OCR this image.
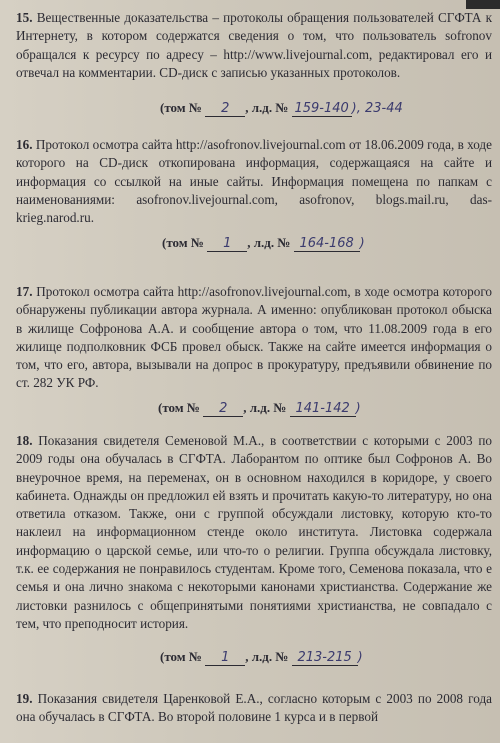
15. Вещественные доказательства – протоколы обращения пользователей СГФТА к Интернету, в котором содержатся сведения о том, что пользователь sofronov обращался к ресурсу по адресу – http://www.livejournal.com, редактировал его и отвечал на комментарии. CD-диск с записью указанных протоколов.
(том № 2 , л.д. № 159-140 ), 23-44
16. Протокол осмотра сайта http://asofronov.livejournal.com от 18.06.2009 года, в ходе которого на CD-диск откопирована информация, содержащаяся на сайте и информация со ссылкой на иные сайты. Информация помещена по папкам с наименованиями: asofronov.livejournal.com, asofronov, blogs.mail.ru, das-krieg.narod.ru.
(том № 1 , л.д. № 164-168 )
17. Протокол осмотра сайта http://asofronov.livejournal.com, в ходе осмотра которого обнаружены публикации автора журнала. А именно: опубликован протокол обыска в жилище Софронова А.А. и сообщение автора о том, что 11.08.2009 года в его жилище подполковник ФСБ провел обыск. Также на сайте имеется информация о том, что его, автора, вызывали на допрос в прокуратуру, предъявили обвинение по ст. 282 УК РФ.
(том № 2 , л.д. № 141-142 )
18. Показания свидетеля Семеновой М.А., в соответствии с которыми с 2003 по 2009 годы она обучалась в СГФТА. Лаборантом по оптике был Софронов А. Во внеурочное время, на переменах, он в основном находился в коридоре, у своего кабинета. Однажды он предложил ей взять и прочитать какую-то литературу, но она ответила отказом. Также, они с группой обсуждали листовку, которую кто-то наклеил на информационном стенде около института. Листовка содержала информацию о царской семье, или что-то о религии. Группа обсуждала листовку, т.к. ее содержания не понравилось студентам. Кроме того, Семенова показала, что е семья и она лично знакома с некоторыми канонами христианства. Содержание же листовки разнилось с общепринятыми понятиями христианства, не совпадало с тем, что преподносит история.
(том № 1 , л.д. № 213-215 )
19. Показания свидетеля Царенковой Е.А., согласно которым с 2003 по 2008 года она обучалась в СГФТА. Во второй половине 1 курса и в первой
